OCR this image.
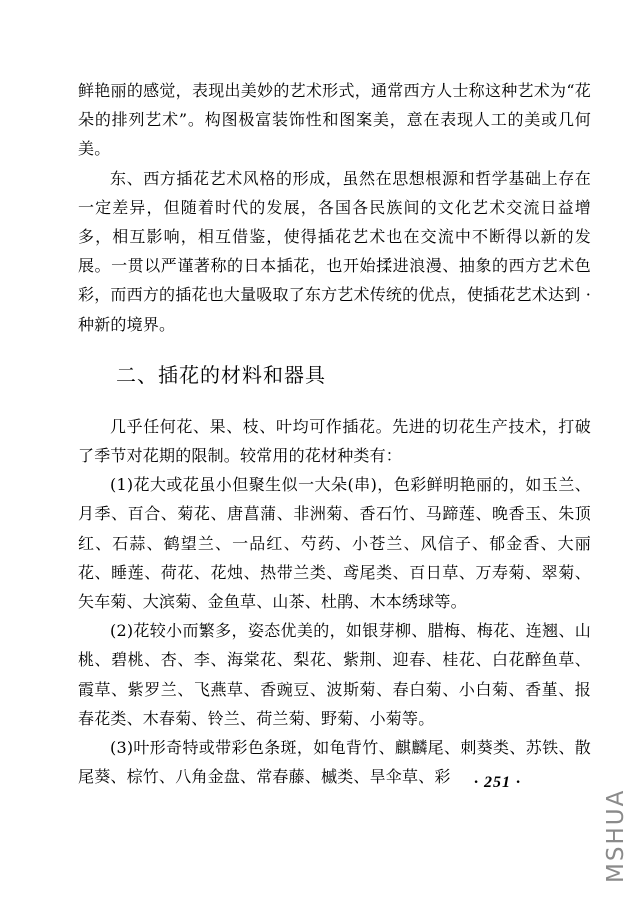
鲜艳丽的感觉，表现出美妙的艺术形式，通常西方人士称这种艺术为“花朵的排列艺术”。构图极富装饰性和图案美，意在表现人工的美或几何美。

东、西方插花艺术风格的形成，虽然在思想根源和哲学基础上存在一定差异，但随着时代的发展，各国各民族间的文化艺术交流日益增多，相互影响，相互借鉴，使得插花艺术也在交流中不断得以新的发展。一贯以严谨著称的日本插花，也开始揉进浪漫、抽象的西方艺术色彩，而西方的插花也大量吸取了东方艺术传统的优点，使插花艺术达到 ·种新的境界。

二、插花的材料和器具

几乎任何花、果、枝、叶均可作插花。先进的切花生产技术，打破了季节对花期的限制。较常用的花材种类有：

(1)花大或花虽小但聚生似一大朵(串)，色彩鲜明艳丽的，如玉兰、月季、百合、菊花、唐菖蒲、非洲菊、香石竹、马蹄莲、晚香玉、朱顶红、石蒜、鹤望兰、一品红、芍药、小苍兰、风信子、郁金香、大丽花、睡莲、荷花、花烛、热带兰类、鸢尾类、百日草、万寿菊、翠菊、矢车菊、大滨菊、金鱼草、山茶、杜鹃、木本绣球等。

(2)花较小而繁多，姿态优美的，如银芽柳、腊梅、梅花、连翘、山桃、碧桃、杏、李、海棠花、梨花、紫荆、迎春、桂花、白花醉鱼草、霞草、紫罗兰、飞燕草、香豌豆、波斯菊、春白菊、小白菊、香堇、报春花类、木春菊、铃兰、荷兰菊、野菊、小菊等。

(3)叶形奇特或带彩色条斑，如龟背竹、麒麟尾、刺葵类、苏铁、散尾葵、棕竹、八角金盘、常春藤、槭类、旱伞草、彩	· 251 ·
MSHUA
